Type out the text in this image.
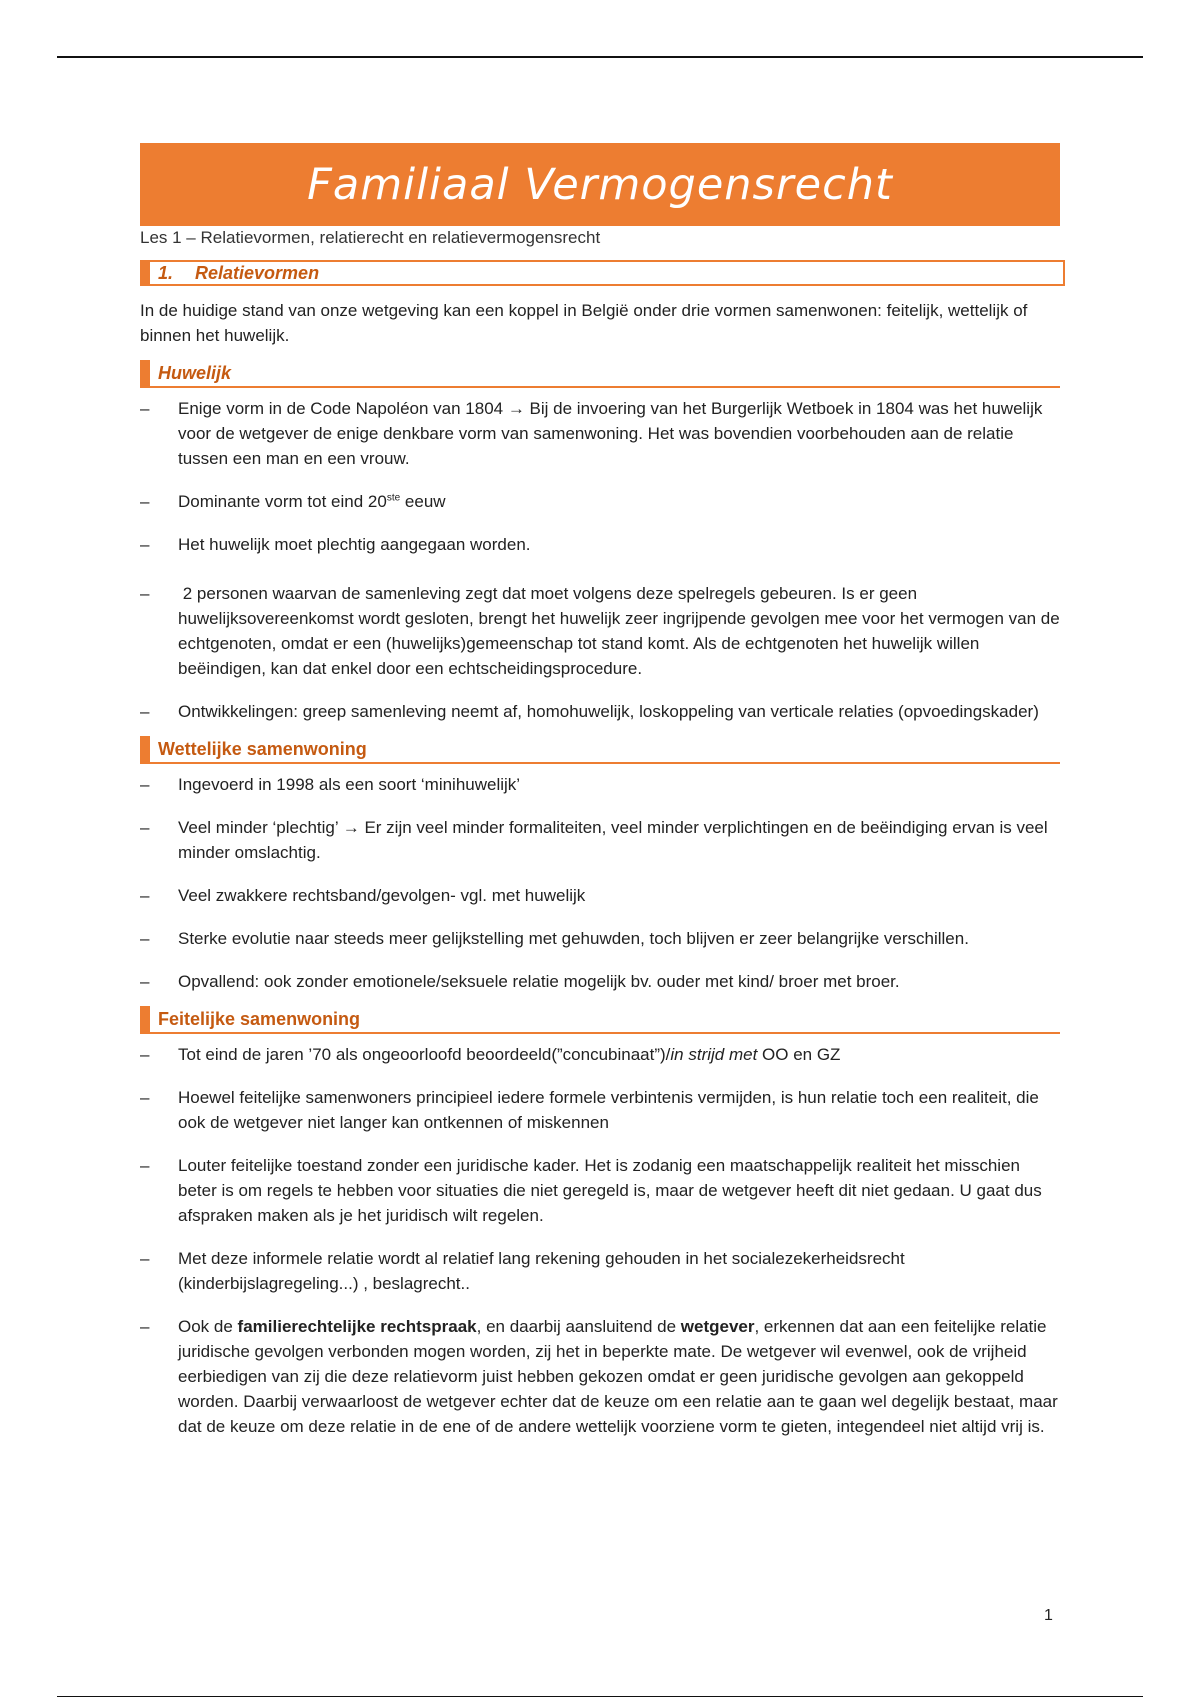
Familiaal Vermogensrecht
Les 1 – Relatievormen, relatierecht en relatievermogensrecht
1. Relatievormen
In de huidige stand van onze wetgeving kan een koppel in België onder drie vormen samenwonen: feitelijk, wettelijk of binnen het huwelijk.
Huwelijk
– Enige vorm in de Code Napoléon van 1804 → Bij de invoering van het Burgerlijk Wetboek in 1804 was het huwelijk voor de wetgever de enige denkbare vorm van samenwoning. Het was bovendien voorbehouden aan de relatie tussen een man en een vrouw.
– Dominante vorm tot eind 20ste eeuw
– Het huwelijk moet plechtig aangegaan worden.
– 2 personen waarvan de samenleving zegt dat moet volgens deze spelregels gebeuren. Is er geen huwelijksovereenkomst wordt gesloten, brengt het huwelijk zeer ingrijpende gevolgen mee voor het vermogen van de echtgenoten, omdat er een (huwelijks)gemeenschap tot stand komt. Als de echtgenoten het huwelijk willen beëindigen, kan dat enkel door een echtscheidingsprocedure.
– Ontwikkelingen: greep samenleving neemt af, homohuwelijk, loskoppeling van verticale relaties (opvoedingskader)
Wettelijke samenwoning
– Ingevoerd in 1998 als een soort ‘minihuwelijk’
– Veel minder ‘plechtig’ → Er zijn veel minder formaliteiten, veel minder verplichtingen en de beëindiging ervan is veel minder omslachtig.
– Veel zwakkere rechtsband/gevolgen- vgl. met huwelijk
– Sterke evolutie naar steeds meer gelijkstelling met gehuwden, toch blijven er zeer belangrijke verschillen.
– Opvallend: ook zonder emotionele/seksuele relatie mogelijk bv. ouder met kind/ broer met broer.
Feitelijke samenwoning
– Tot eind de jaren ’70 als ongeoorloofd beoordeeld(”concubinaat”)/in strijd met OO en GZ
– Hoewel feitelijke samenwoners principieel iedere formele verbintenis vermijden, is hun relatie toch een realiteit, die ook de wetgever niet langer kan ontkennen of miskennen
– Louter feitelijke toestand zonder een juridische kader. Het is zodanig een maatschappelijk realiteit het misschien beter is om regels te hebben voor situaties die niet geregeld is, maar de wetgever heeft dit niet gedaan. U gaat dus afspraken maken als je het juridisch wilt regelen.
– Met deze informele relatie wordt al relatief lang rekening gehouden in het socialezekerheidsrecht (kinderbijslagregeling...) , beslagrecht..
– Ook de familierechtelijke rechtspraak, en daarbij aansluitend de wetgever, erkennen dat aan een feitelijke relatie juridische gevolgen verbonden mogen worden, zij het in beperkte mate. De wetgever wil evenwel, ook de vrijheid eerbiedigen van zij die deze relatievorm juist hebben gekozen omdat er geen juridische gevolgen aan gekoppeld worden. Daarbij verwaarloost de wetgever echter dat de keuze om een relatie aan te gaan wel degelijk bestaat, maar dat de keuze om deze relatie in de ene of de andere wettelijk voorziene vorm te gieten, integendeel niet altijd vrij is.
1
